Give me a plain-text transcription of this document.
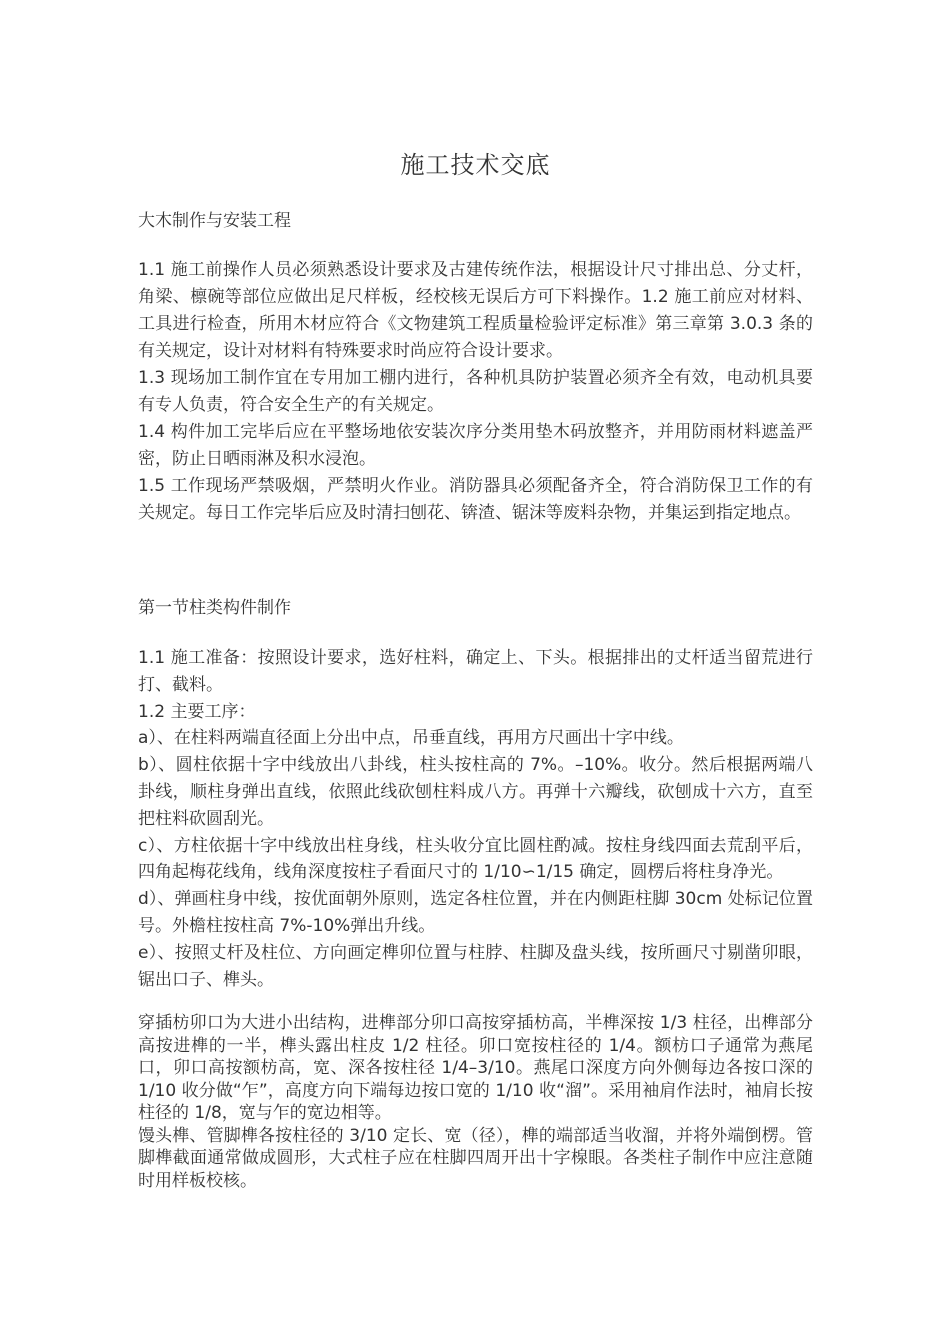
施工技术交底
大木制作与安装工程

1.1 施工前操作人员必须熟悉设计要求及古建传统作法，根据设计尺寸排出总、分丈杆，角梁、檩碗等部位应做出足尺样板，经校核无误后方可下料操作。1.2 施工前应对材料、工具进行检查，所用木材应符合《文物建筑工程质量检验评定标准》第三章第 3.0.3 条的有关规定，设计对材料有特殊要求时尚应符合设计要求。

1.3 现场加工制作宜在专用加工棚内进行，各种机具防护装置必须齐全有效，电动机具要有专人负责，符合安全生产的有关规定。

1.4 构件加工完毕后应在平整场地依安装次序分类用垫木码放整齐，并用防雨材料遮盖严密，防止日晒雨淋及积水浸泡。

1.5 工作现场严禁吸烟，严禁明火作业。消防器具必须配备齐全，符合消防保卫工作的有关规定。每日工作完毕后应及时清扫刨花、锛渣、锯沫等废料杂物，并集运到指定地点。

第一节柱类构件制作

1.1 施工准备：按照设计要求，选好柱料，确定上、下头。根据排出的丈杆适当留荒进行打、截料。

1.2 主要工序：

a）、在柱料两端直径面上分出中点，吊垂直线，再用方尺画出十字中线。

b）、圆柱依据十字中线放出八卦线，柱头按柱高的 7%。–10%。收分。然后根据两端八卦线，顺柱身弹出直线，依照此线砍刨柱料成八方。再弹十六瓣线，砍刨成十六方，直至把柱料砍圆刮光。

c）、方柱依据十字中线放出柱身线，柱头收分宜比圆柱酌减。按柱身线四面去荒刮平后，四角起梅花线角，线角深度按柱子看面尺寸的 1/10∽1/15 确定，圆楞后将柱身净光。

d）、弹画柱身中线，按优面朝外原则，选定各柱位置，并在内侧距柱脚 30cm 处标记位置号。外檐柱按柱高 7%-10%弹出升线。

e）、按照丈杆及柱位、方向画定榫卯位置与柱脖、柱脚及盘头线，按所画尺寸剔凿卯眼，锯出口子、榫头。

穿插枋卯口为大进小出结构，进榫部分卯口高按穿插枋高，半榫深按 1/3 柱径，出榫部分高按进榫的一半，榫头露出柱皮 1/2 柱径。卯口宽按柱径的 1/4。额枋口子通常为燕尾口，卯口高按额枋高，宽、深各按柱径 1/4–3/10。燕尾口深度方向外侧每边各按口深的 1/10 收分做“乍”，高度方向下端每边按口宽的 1/10 收“溜”。采用袖肩作法时，袖肩长按柱径的 1/8，宽与乍的宽边相等。

馒头榫、管脚榫各按柱径的 3/10 定长、宽（径），榫的端部适当收溜，并将外端倒楞。管脚榫截面通常做成圆形，大式柱子应在柱脚四周开出十字楾眼。各类柱子制作中应注意随时用样板校核。
